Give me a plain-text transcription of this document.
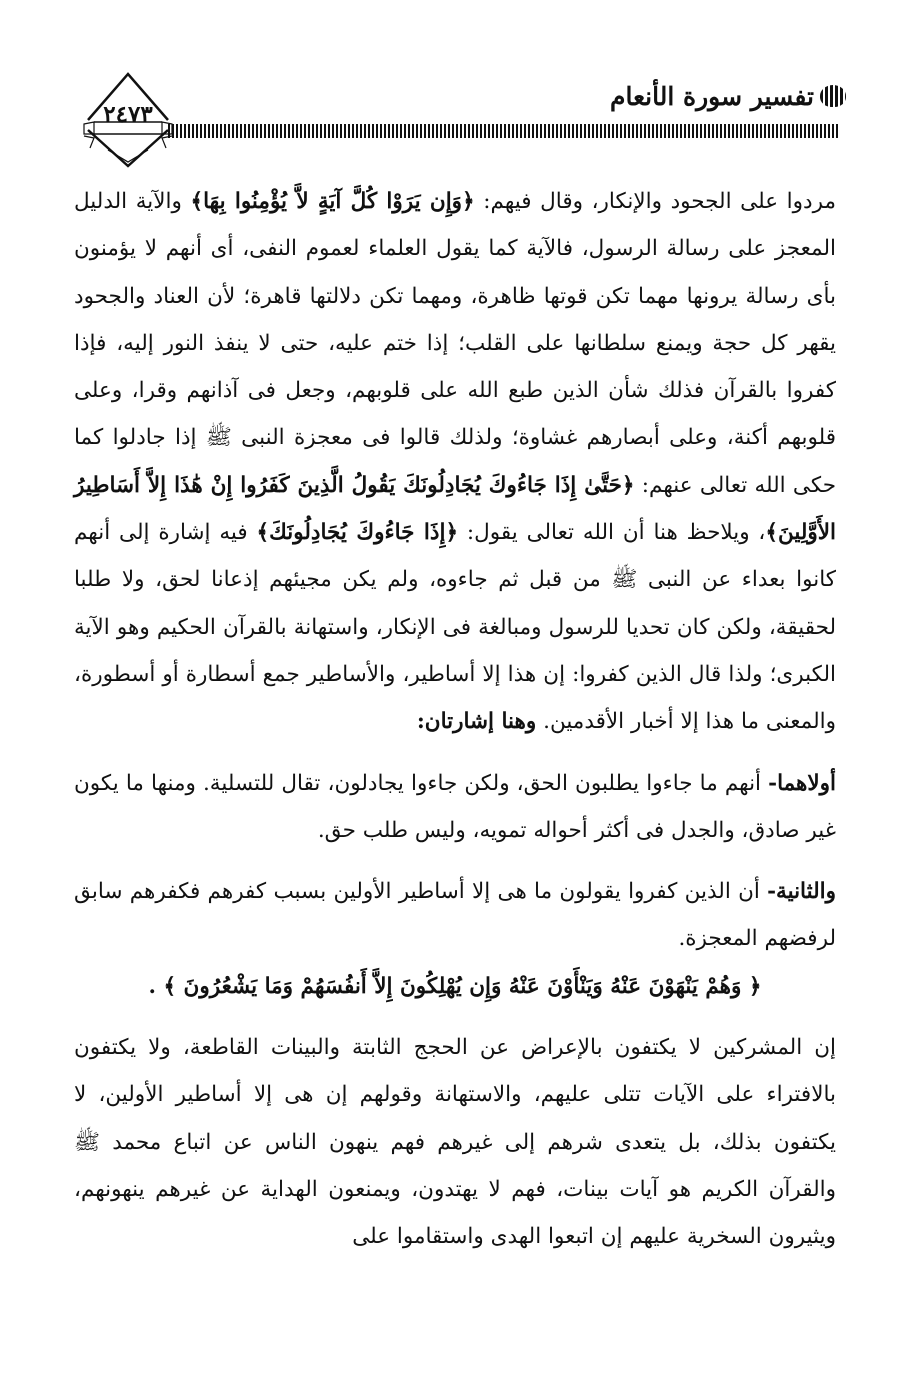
تفسير سورة الأنعام
٢٤٧٣

مردوا على الجحود والإنكار، وقال فيهم: ﴿وَإِن يَرَوْا كُلَّ آيَةٍ لاَّ يُؤْمِنُوا بِهَا﴾ والآية الدليل المعجز على رسالة الرسول، فالآية كما يقول العلماء لعموم النفى، أى أنهم لا يؤمنون بأى رسالة يرونها مهما تكن قوتها ظاهرة، ومهما تكن دلالتها قاهرة؛ لأن العناد والجحود يقهر كل حجة ويمنع سلطانها على القلب؛ إذا ختم عليه، حتى لا ينفذ النور إليه، فإذا كفروا بالقرآن فذلك شأن الذين طبع الله على قلوبهم، وجعل فى آذانهم وقرا، وعلى قلوبهم أكنة، وعلى أبصارهم غشاوة؛ ولذلك قالوا فى معجزة النبى ﷺ إذا جادلوا كما حكى الله تعالى عنهم: ﴿حَتَّىٰ إِذَا جَاءُوكَ يُجَادِلُونَكَ يَقُولُ الَّذِينَ كَفَرُوا إِنْ هَٰذَا إِلاَّ أَسَاطِيرُ الأَوَّلِينَ﴾، ويلاحظ هنا أن الله تعالى يقول: ﴿إِذَا جَاءُوكَ يُجَادِلُونَكَ﴾ فيه إشارة إلى أنهم كانوا بعداء عن النبى ﷺ من قبل ثم جاءوه، ولم يكن مجيئهم إذعانا لحق، ولا طلبا لحقيقة، ولكن كان تحديا للرسول ومبالغة فى الإنكار، واستهانة بالقرآن الحكيم وهو الآية الكبرى؛ ولذا قال الذين كفروا: إن هذا إلا أساطير، والأساطير جمع أسطارة أو أسطورة، والمعنى ما هذا إلا أخبار الأقدمين. وهنا إشارتان:

أولاهما- أنهم ما جاءوا يطلبون الحق، ولكن جاءوا يجادلون، تقال للتسلية. ومنها ما يكون غير صادق، والجدل فى أكثر أحواله تمويه، وليس طلب حق.

والثانية- أن الذين كفروا يقولون ما هى إلا أساطير الأولين بسبب كفرهم فكفرهم سابق لرفضهم المعجزة.

﴿ وَهُمْ يَنْهَوْنَ عَنْهُ وَيَنْأَوْنَ عَنْهُ وَإِن يُهْلِكُونَ إِلاَّ أَنفُسَهُمْ وَمَا يَشْعُرُونَ ﴾ .

إن المشركين لا يكتفون بالإعراض عن الحجج الثابتة والبينات القاطعة، ولا يكتفون بالافتراء على الآيات تتلى عليهم، والاستهانة وقولهم إن هى إلا أساطير الأولين، لا يكتفون بذلك، بل يتعدى شرهم إلى غيرهم فهم ينهون الناس عن اتباع محمد ﷺ والقرآن الكريم هو آيات بينات، فهم لا يهتدون، ويمنعون الهداية عن غيرهم ينهونهم، ويثيرون السخرية عليهم إن اتبعوا الهدى واستقاموا على
